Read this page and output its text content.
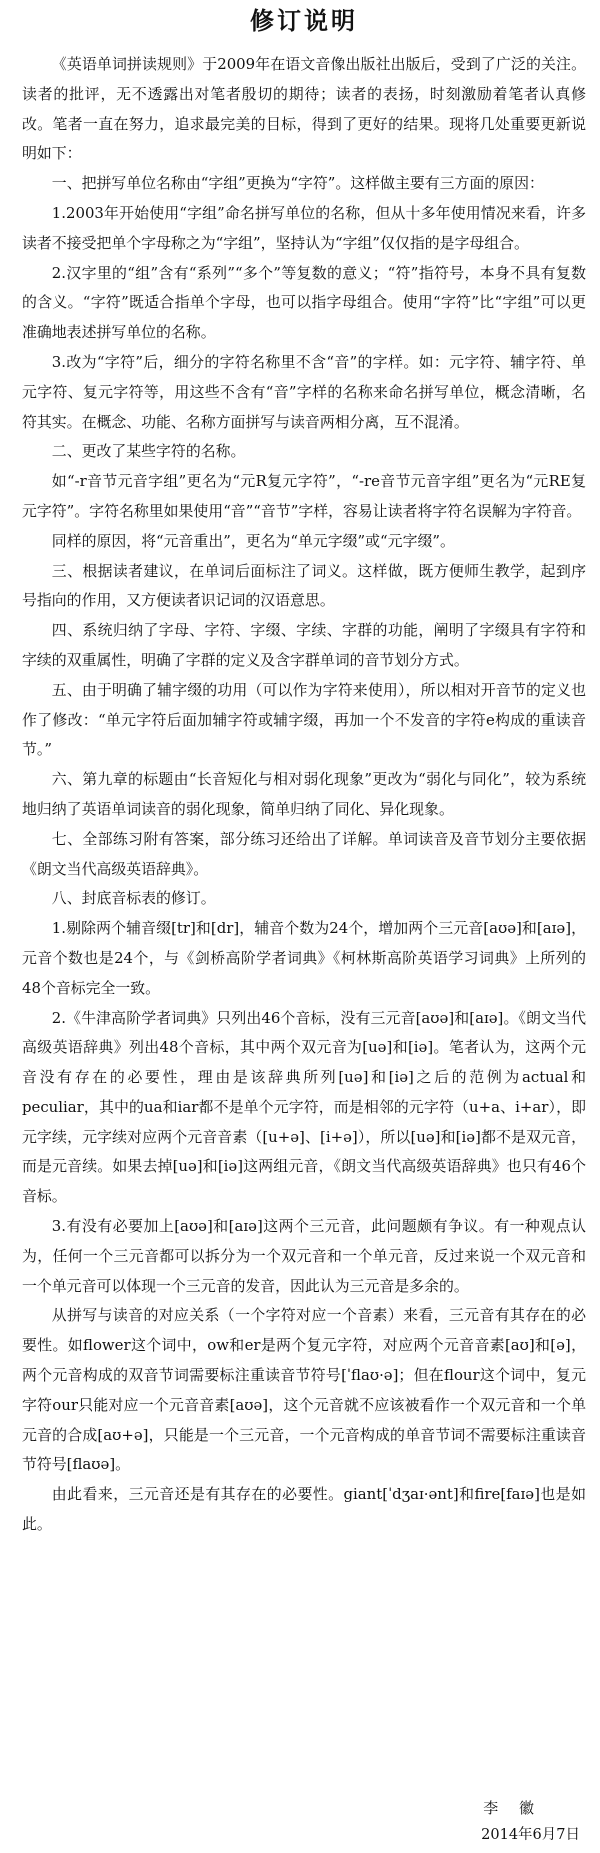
修订说明

《英语单词拼读规则》于2009年在语文音像出版社出版后，受到了广泛的关注。读者的批评，无不透露出对笔者殷切的期待；读者的表扬，时刻激励着笔者认真修改。笔者一直在努力，追求最完美的目标，得到了更好的结果。现将几处重要更新说明如下：

一、把拼写单位名称由“字组”更换为“字符”。这样做主要有三方面的原因：

1.2003年开始使用“字组”命名拼写单位的名称，但从十多年使用情况来看，许多读者不接受把单个字母称之为“字组”，坚持认为“字组”仅仅指的是字母组合。

2.汉字里的“组”含有“系列”“多个”等复数的意义；“符”指符号，本身不具有复数的含义。“字符”既适合指单个字母，也可以指字母组合。使用“字符”比“字组”可以更准确地表述拼写单位的名称。

3.改为“字符”后，细分的字符名称里不含“音”的字样。如：元字符、辅字符、单元字符、复元字符等，用这些不含有“音”字样的名称来命名拼写单位，概念清晰，名符其实。在概念、功能、名称方面拼写与读音两相分离，互不混淆。

二、更改了某些字符的名称。

如“-r音节元音字组”更名为“元R复元字符”，“-re音节元音字组”更名为“元RE复元字符”。字符名称里如果使用“音”“音节”字样，容易让读者将字符名误解为字符音。

同样的原因，将“元音重出”，更名为“单元字缀”或“元字缀”。

三、根据读者建议，在单词后面标注了词义。这样做，既方便师生教学，起到序号指向的作用，又方便读者识记词的汉语意思。

四、系统归纳了字母、字符、字缀、字续、字群的功能，阐明了字缀具有字符和字续的双重属性，明确了字群的定义及含字群单词的音节划分方式。

五、由于明确了辅字缀的功用（可以作为字符来使用），所以相对开音节的定义也作了修改：“单元字符后面加辅字符或辅字缀，再加一个不发音的字符e构成的重读音节。”

六、第九章的标题由“长音短化与相对弱化现象”更改为“弱化与同化”，较为系统地归纳了英语单词读音的弱化现象，简单归纳了同化、异化现象。

七、全部练习附有答案，部分练习还给出了详解。单词读音及音节划分主要依据《朗文当代高级英语辞典》。

八、封底音标表的修订。

1.剔除两个辅音缀[tr]和[dr]，辅音个数为24个，增加两个三元音[aʊə]和[aɪə]，元音个数也是24个，与《剑桥高阶学者词典》《柯林斯高阶英语学习词典》上所列的48个音标完全一致。

2.《牛津高阶学者词典》只列出46个音标，没有三元音[aʊə]和[aɪə]。《朗文当代高级英语辞典》列出48个音标，其中两个双元音为[uə]和[iə]。笔者认为，这两个元音没有存在的必要性，理由是该辞典所列[uə]和[iə]之后的范例为actual和peculiar，其中的ua和iar都不是单个元字符，而是相邻的元字符（u+a、i+ar），即元字续，元字续对应两个元音音素（[u+ə]、[i+ə]），所以[uə]和[iə]都不是双元音，而是元音续。如果去掉[uə]和[iə]这两组元音，《朗文当代高级英语辞典》也只有46个音标。

3.有没有必要加上[aʊə]和[aɪə]这两个三元音，此问题颇有争议。有一种观点认为，任何一个三元音都可以拆分为一个双元音和一个单元音，反过来说一个双元音和一个单元音可以体现一个三元音的发音，因此认为三元音是多余的。

从拼写与读音的对应关系（一个字符对应一个音素）来看，三元音有其存在的必要性。如flower这个词中，ow和er是两个复元字符，对应两个元音音素[aʊ]和[ə]，两个元音构成的双音节词需要标注重读音节符号[ˈflaʊ·ə]；但在flour这个词中，复元字符our只能对应一个元音音素[aʊə]，这个元音就不应该被看作一个双元音和一个单元音的合成[aʊ+ə]，只能是一个三元音，一个元音构成的单音节词不需要标注重读音节符号[flaʊə]。

由此看来，三元音还是有其存在的必要性。giant[ˈdʒaɪ·ənt]和fire[faɪə]也是如此。

李 徽
2014年6月7日
